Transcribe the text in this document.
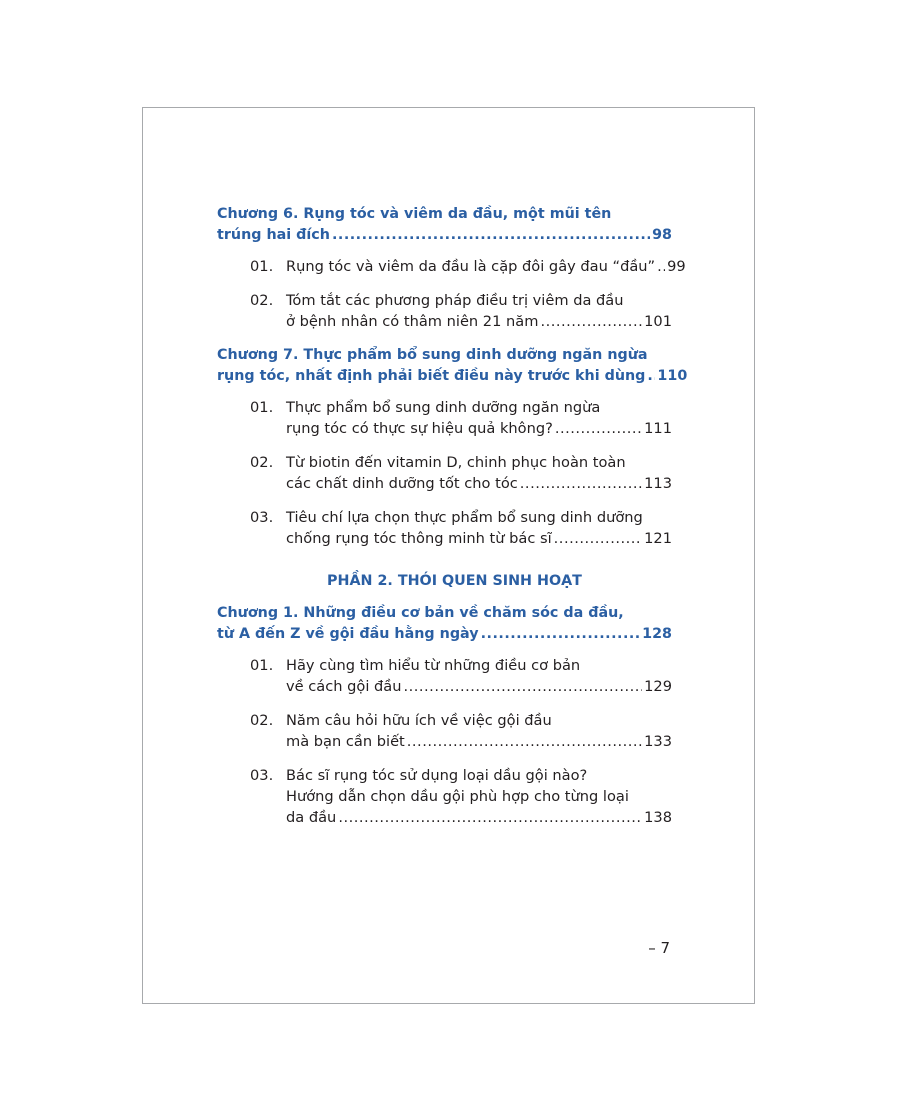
Chương 6. Rụng tóc và viêm da đầu, một mũi tên
trúng hai đích .....	98
01. Rụng tóc và viêm da đầu là cặp đôi gây đau “đầu” ..... 99
02. Tóm tắt các phương pháp điều trị viêm da đầu
ở bệnh nhân có thâm niên 21 năm .....	101
Chương 7. Thực phẩm bổ sung dinh dưỡng ngăn ngừa
rụng tóc, nhất định phải biết điều này trước khi dùng ..... 110
01. Thực phẩm bổ sung dinh dưỡng ngăn ngừa
rụng tóc có thực sự hiệu quả không? .....	111
02. Từ biotin đến vitamin D, chinh phục hoàn toàn
các chất dinh dưỡng tốt cho tóc .....	113
03. Tiêu chí lựa chọn thực phẩm bổ sung dinh dưỡng
chống rụng tóc thông minh từ bác sĩ .....	121
PHẦN 2. THÓI QUEN SINH HOẠT
Chương 1. Những điều cơ bản về chăm sóc da đầu,
từ A đến Z về gội đầu hằng ngày .....	128
01. Hãy cùng tìm hiểu từ những điều cơ bản
về cách gội đầu .....	129
02. Năm câu hỏi hữu ích về việc gội đầu
mà bạn cần biết .....	133
03. Bác sĩ rụng tóc sử dụng loại dầu gội nào?
Hướng dẫn chọn dầu gội phù hợp cho từng loại
da đầu .....	138
– 7
